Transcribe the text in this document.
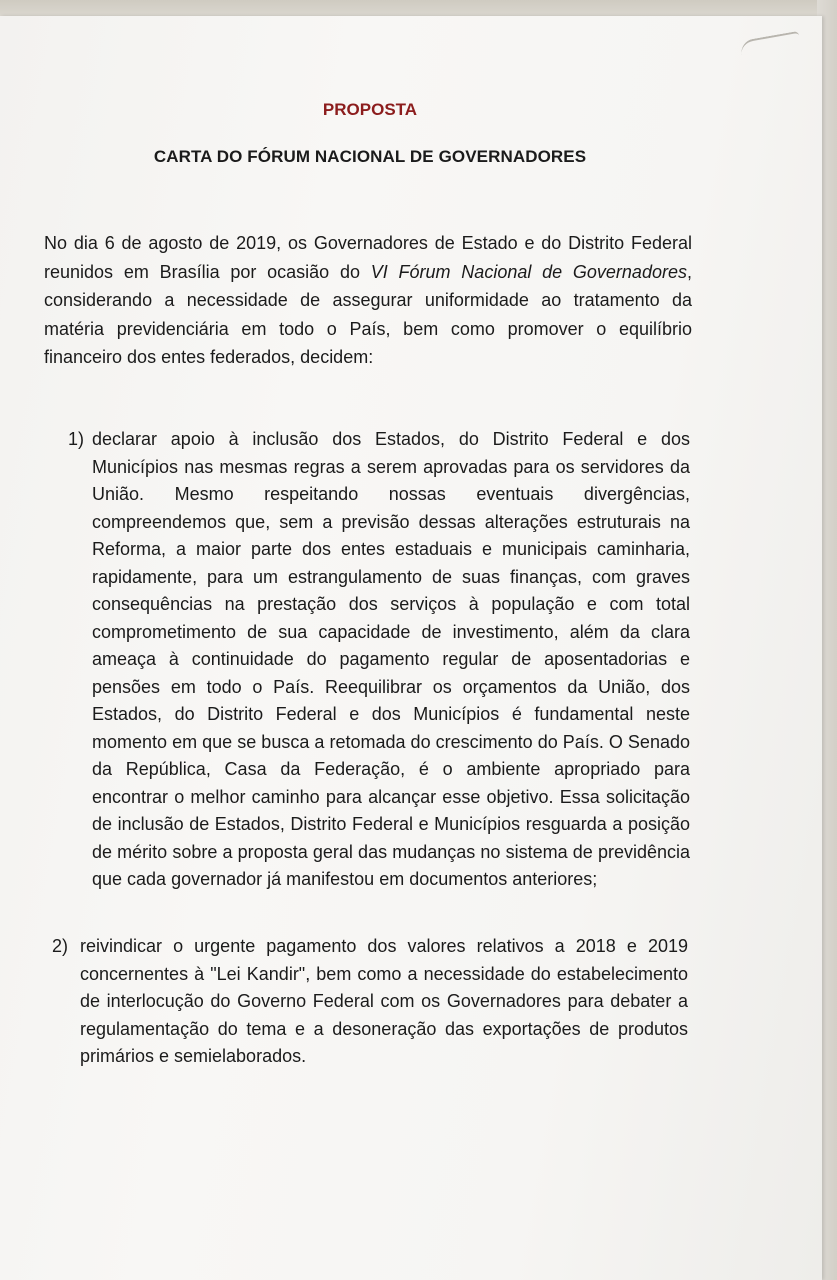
PROPOSTA
CARTA DO FÓRUM NACIONAL DE GOVERNADORES
No dia 6 de agosto de 2019, os Governadores de Estado e do Distrito Federal reunidos em Brasília por ocasião do VI Fórum Nacional de Governadores, considerando a necessidade de assegurar uniformidade ao tratamento da matéria previdenciária em todo o País, bem como promover o equilíbrio financeiro dos entes federados, decidem:
1) declarar apoio à inclusão dos Estados, do Distrito Federal e dos Municípios nas mesmas regras a serem aprovadas para os servidores da União. Mesmo respeitando nossas eventuais divergências, compreendemos que, sem a previsão dessas alterações estruturais na Reforma, a maior parte dos entes estaduais e municipais caminharia, rapidamente, para um estrangulamento de suas finanças, com graves consequências na prestação dos serviços à população e com total comprometimento de sua capacidade de investimento, além da clara ameaça à continuidade do pagamento regular de aposentadorias e pensões em todo o País. Reequilibrar os orçamentos da União, dos Estados, do Distrito Federal e dos Municípios é fundamental neste momento em que se busca a retomada do crescimento do País. O Senado da República, Casa da Federação, é o ambiente apropriado para encontrar o melhor caminho para alcançar esse objetivo. Essa solicitação de inclusão de Estados, Distrito Federal e Municípios resguarda a posição de mérito sobre a proposta geral das mudanças no sistema de previdência que cada governador já manifestou em documentos anteriores;
2) reivindicar o urgente pagamento dos valores relativos a 2018 e 2019 concernentes à "Lei Kandir", bem como a necessidade do estabelecimento de interlocução do Governo Federal com os Governadores para debater a regulamentação do tema e a desoneração das exportações de produtos primários e semielaborados.
